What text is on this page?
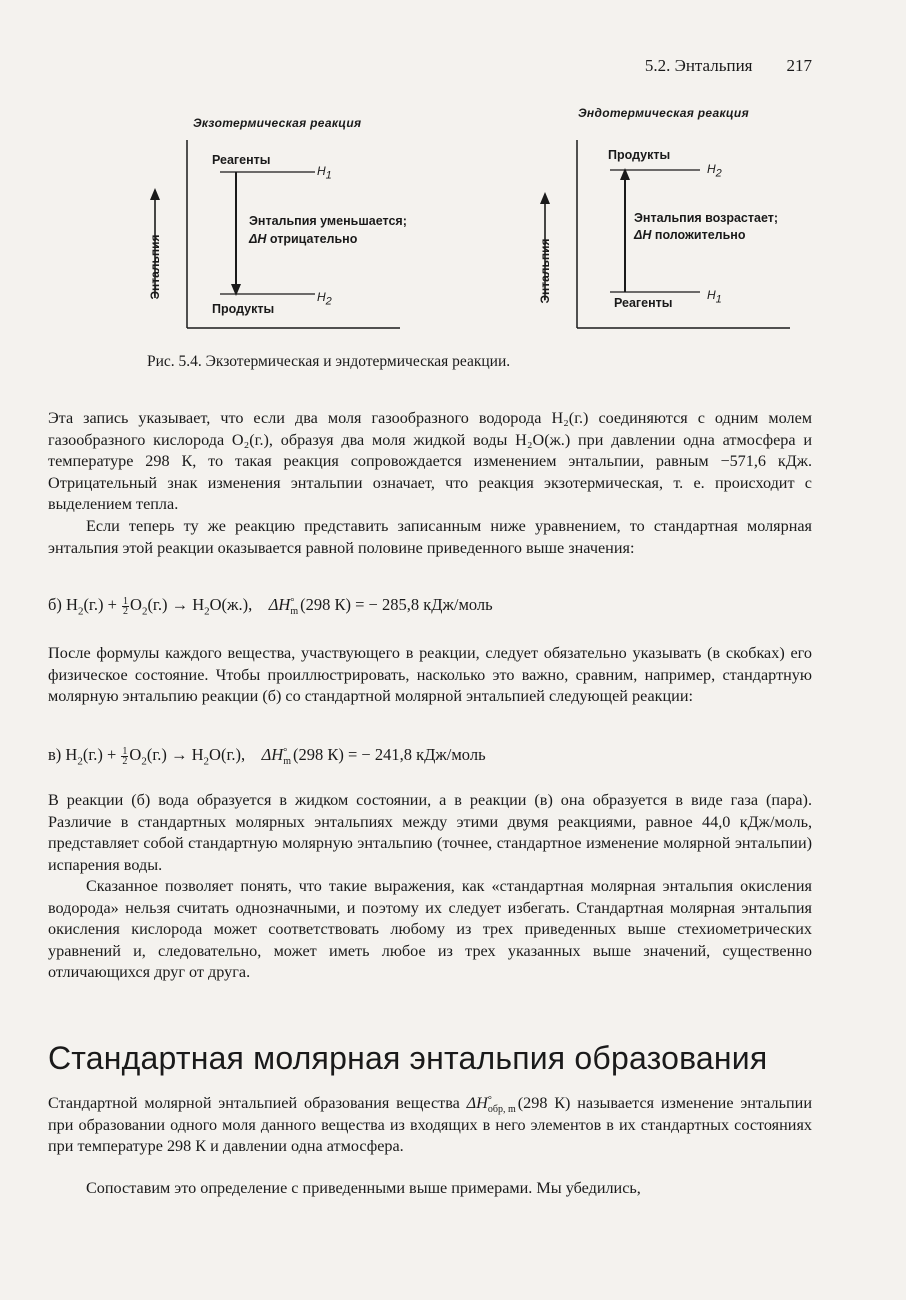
5.2. Энтальпия 217
Экзотермическая реакция
Энтальпия
Реагенты
$H_1$
Энтальпия уменьшается;
ΔH отрицательно
$H_2$
Продукты
Эндотермическая реакция
Энтальпия
Продукты
$H_2$
Энтальпия возрастает;
ΔH положительно
$H_1$
Реагенты
Рис. 5.4. Экзотермическая и эндотермическая реакции.

Эта запись указывает, что если два моля газообразного водорода H₂(г.) соединяются с одним молем газообразного кислорода O₂(г.), образуя два моля жидкой воды H₂O(ж.) при давлении одна атмосфера и температуре 298 К, то такая реакция сопровождается изменением энтальпии, равным −571,6 кДж. Отрицательный знак изменения энтальпии означает, что реакция экзотермическая, т. е. происходит с выделением тепла.

Если теперь ту же реакцию представить записанным ниже уравнением, то стандартная молярная энтальпия этой реакции оказывается равной половине приведенного выше значения:

б) $H_2(г.) + \frac{1}{2} O_2(г.) \to H_2O(ж.)$, ΔH °
m (298 К) = − 285,8 кДж/моль

После формулы каждого вещества, участвующего в реакции, следует обязательно указывать (в скобках) его физическое состояние. Чтобы проиллюстрировать, насколько это важно, сравним, например, стандартную молярную энтальпию реакции (б) со стандартной молярной энтальпией следующей реакции:

в) $H_2(г.) + \frac{1}{2} O_2(г.) \to H_2O(г.)$, ΔH °
m (298 К) = − 241,8 кДж/моль

В реакции (б) вода образуется в жидком состоянии, а в реакции (в) она образуется в виде газа (пара). Различие в стандартных молярных энтальпиях между этими двумя реакциями, равное 44,0 кДж/моль, представляет собой стандартную молярную энтальпию (точнее, стандартное изменение молярной энтальпии) испарения воды.

Сказанное позволяет понять, что такие выражения, как «стандартная молярная энтальпия окисления водорода» нельзя считать однозначными, и поэтому их следует избегать. Стандартная молярная энтальпия окисления кислорода может соответствовать любому из трех приведенных выше стехиометрических уравнений и, следовательно, может иметь любое из трех указанных выше значений, существенно отличающихся друг от друга.

Стандартная молярная энтальпия образования

Стандартной молярной энтальпией образования вещества ΔH °
обр, m (298 К) называется изменение энтальпии при образовании одного моля данного вещества из входящих в него элементов в их стандартных состояниях при температуре 298 К и давлении одна атмосфера.

Сопоставим это определение с приведенными выше примерами. Мы убедились,
